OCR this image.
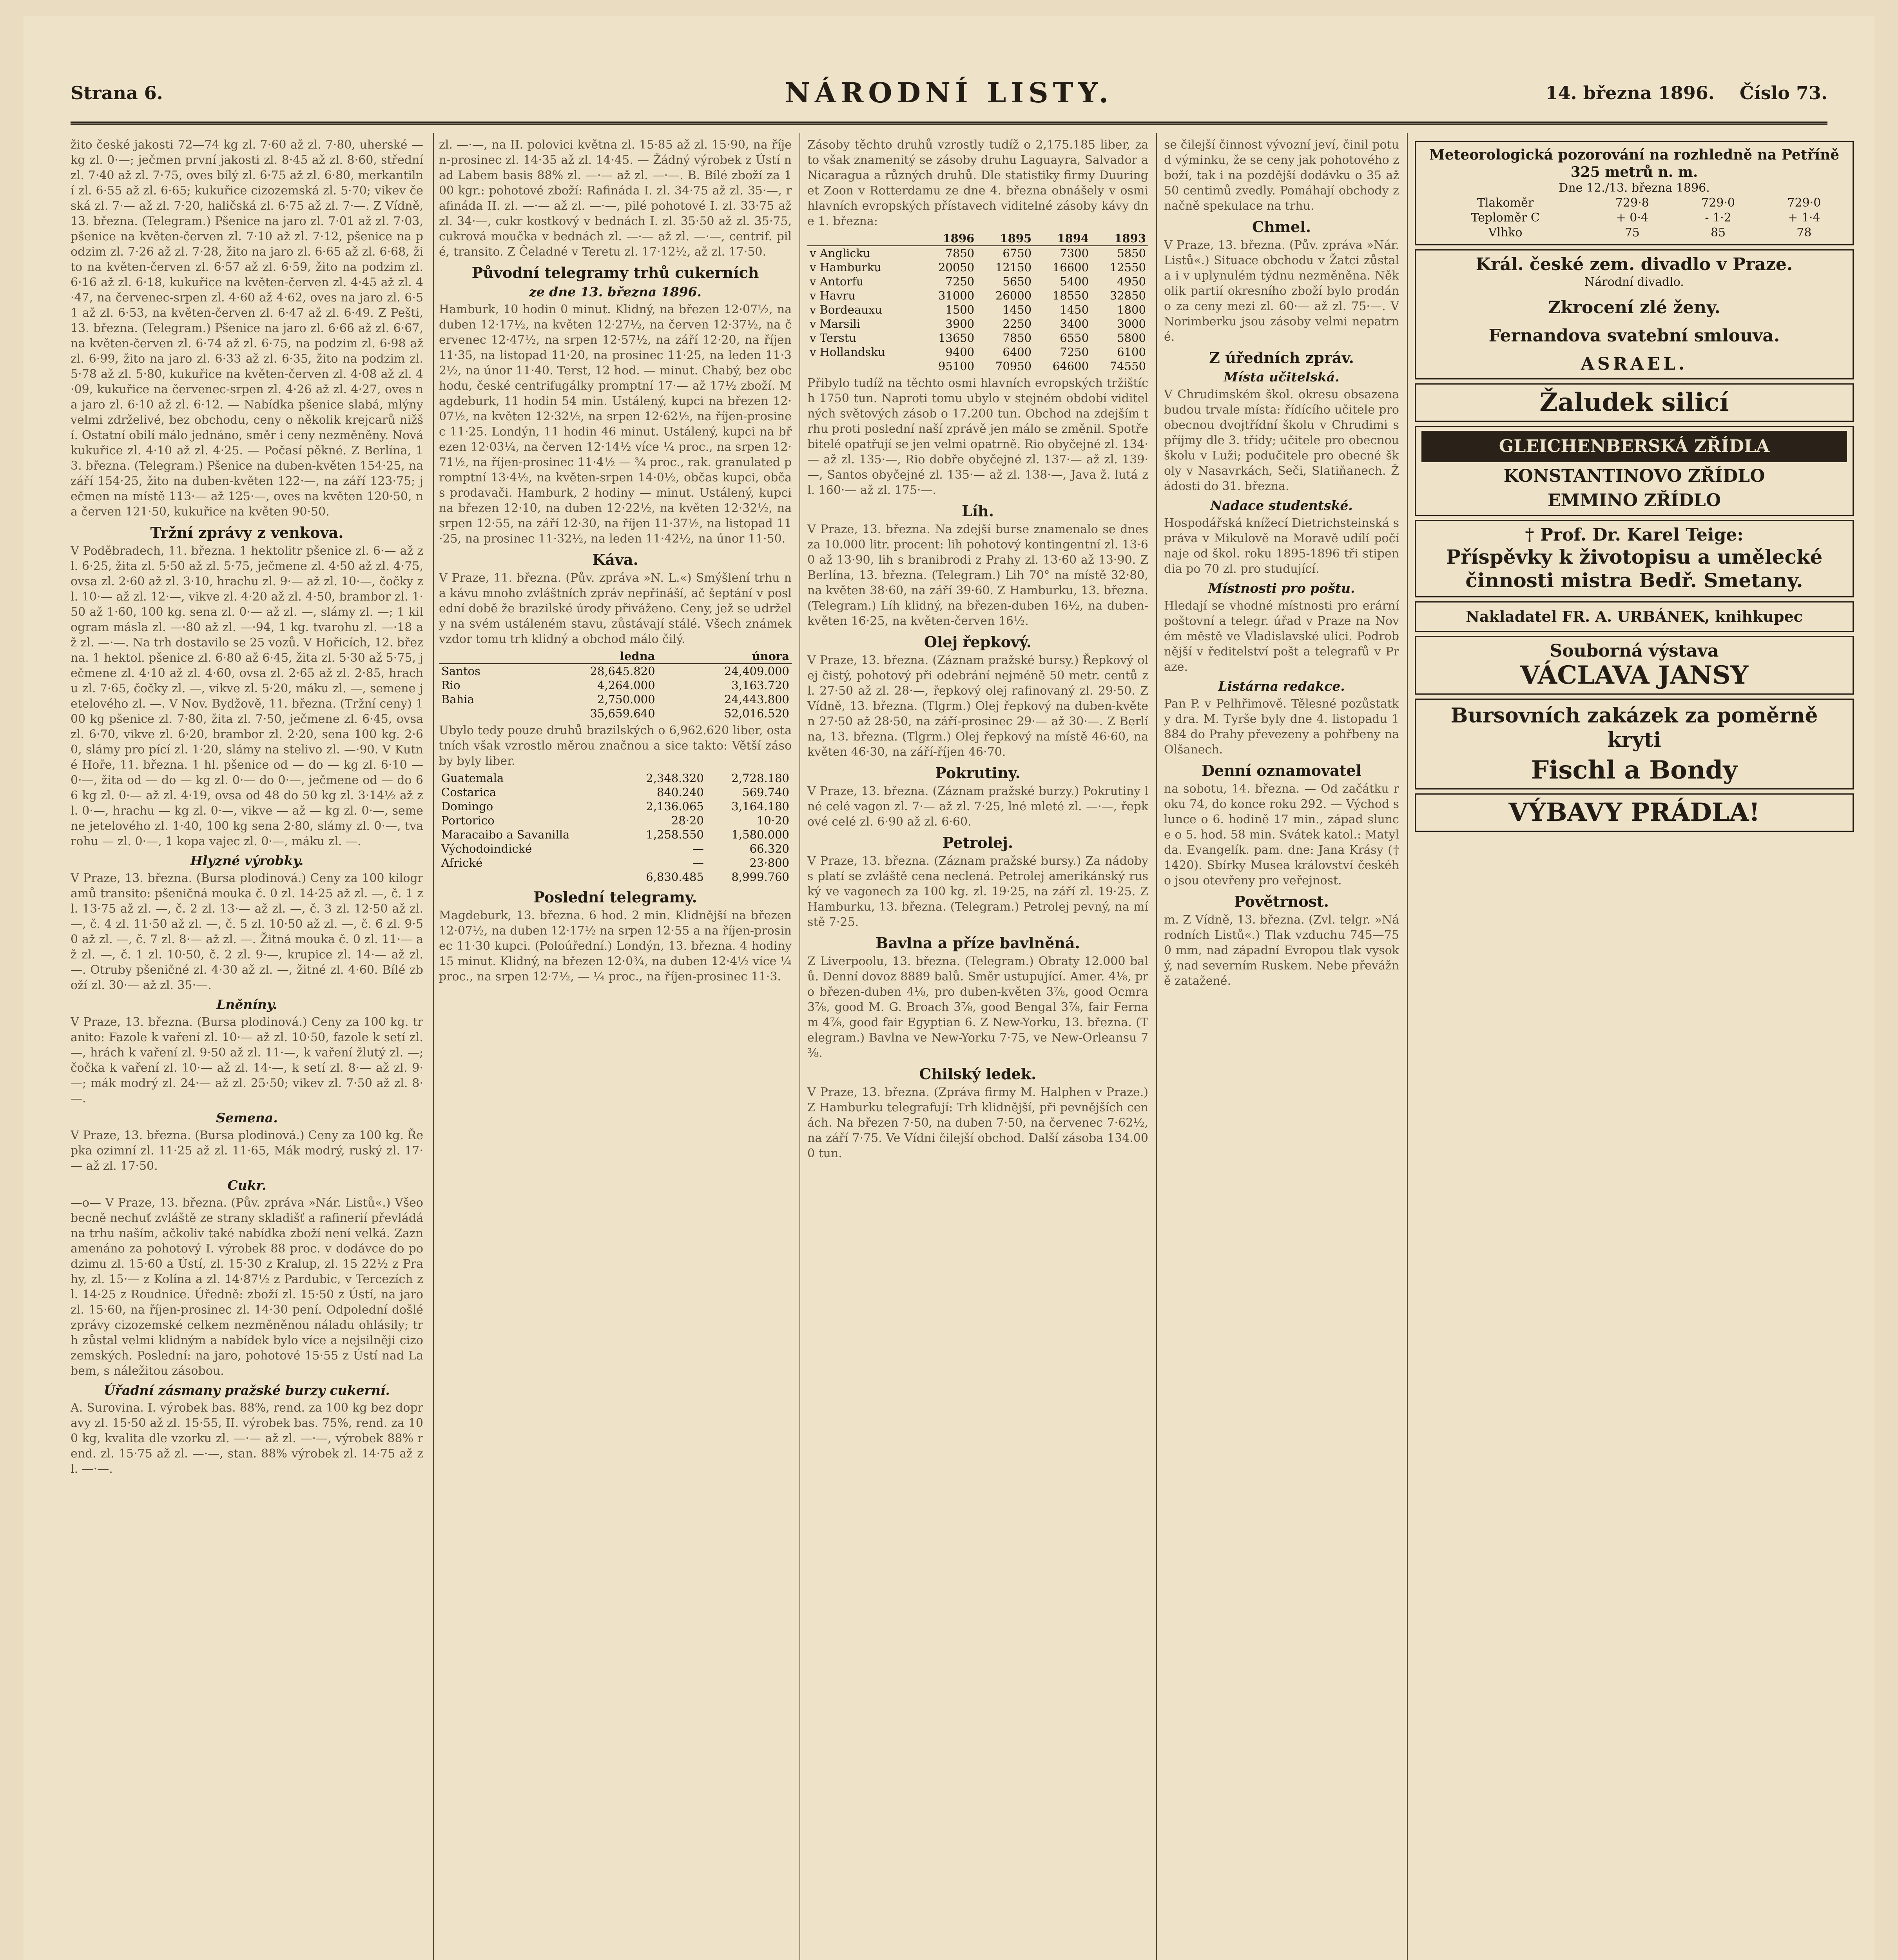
Strana 6.	NÁRODNÍ LISTY.	14. března 1896. Číslo 73.
žito české jakosti 72—74 kg zl. 7·60 až zl. 7·80, uherské — kg zl. 0·—; ječmen první jakosti zl. 8·45 až zl. 8·60, střední zl. 7·40 až zl. 7·75, oves bílý zl. 6·75 až zl. 6·80, merkantilní zl. 6·55 až zl. 6·65; kukuřice cizozemská zl. 5·70; vikev česká zl. 7·— až zl. 7·20, haličská zl. 6·75 až zl. 7·—. Z Vídně, 13. března. (Telegram.) Pšenice na jaro zl. 7·01 až zl. 7·03, pšenice na květen-červen zl. 7·10 až zl. 7·12, pšenice na podzim zl. 7·26 až zl. 7·28, žito na jaro zl. 6·65 až zl. 6·68, žito na květen-červen zl. 6·57 až zl. 6·59, žito na podzim zl. 6·16 až zl. 6·18, kukuřice na květen-červen zl. 4·45 až zl. 4·47, na červenec-srpen zl. 4·60 až 4·62, oves na jaro zl. 6·51 až zl. 6·53, na květen-červen zl. 6·47 až zl. 6·49. Z Pešti, 13. března. (Telegram.) Pšenice na jaro zl. 6·66 až zl. 6·67, na květen-červen zl. 6·74 až zl. 6·75, na podzim zl. 6·98 až zl. 6·99, žito na jaro zl. 6·33 až zl. 6·35, žito na podzim zl. 5·78 až zl. 5·80, kukuřice na květen-červen zl. 4·08 až zl. 4·09, kukuřice na červenec-srpen zl. 4·26 až zl. 4·27, oves na jaro zl. 6·10 až zl. 6·12. — Nabídka pšenice slabá, mlýny velmi zdrželivé, bez obchodu, ceny o několik krejcarů nižší. Ostatní obilí málo jednáno, směr i ceny nezměněny. Nová kukuřice zl. 4·10 až zl. 4·25. — Počasí pěkné. Z Berlína, 13. března. (Telegram.) Pšenice na duben-květen 154·25, na září 154·25, žito na duben-květen 122·—, na září 123·75; ječmen na místě 113·— až 125·—, oves na květen 120·50, na červen 121·50, kukuřice na květen 90·50.
Tržní zprávy z venkova.
V Poděbradech, 11. března. 1 hektolitr pšenice zl. 6·— až zl. 6·25, žita zl. 5·50 až zl. 5·75, ječmene zl. 4·50 až zl. 4·75, ovsa zl. 2·60 až zl. 3·10, hrachu zl. 9·— až zl. 10·—, čočky zl. 10·— až zl. 12·—, vikve zl. 4·20 až zl. 4·50, brambor zl. 1·50 až 1·60, 100 kg. sena zl. 0·— až zl. —, slámy zl. —; 1 kilogram másla zl. —·80 až zl. —·94, 1 kg. tvarohu zl. —·18 až zl. —·—. Na trh dostavilo se 25 vozů. V Hořicích, 12. března. 1 hektol. pšenice zl. 6·80 až 6·45, žita zl. 5·30 až 5·75, ječmene zl. 4·10 až zl. 4·60, ovsa zl. 2·65 až zl. 2·85, hrachu zl. 7·65, čočky zl. —, vikve zl. 5·20, máku zl. —, semene jetelového zl. —. V Nov. Bydžově, 11. března. (Tržní ceny) 100 kg pšenice zl. 7·80, žita zl. 7·50, ječmene zl. 6·45, ovsa zl. 6·70, vikve zl. 6·20, brambor zl. 2·20, sena 100 kg. 2·60, slámy pro pící zl. 1·20, slámy na stelivo zl. —·90. V Kutné Hoře, 11. března. 1 hl. pšenice od — do — kg zl. 6·10 — 0·—, žita od — do — kg zl. 0·— do 0·—, ječmene od — do 66 kg zl. 0·— až zl. 4·19, ovsa od 48 do 50 kg zl. 3·14½ až zl. 0·—, hrachu — kg zl. 0·—, vikve — až — kg zl. 0·—, semene jetelového zl. 1·40, 100 kg sena 2·80, slámy zl. 0·—, tvarohu — zl. 0·—, 1 kopa vajec zl. 0·—, máku zl. —.
Hlyzné výrobky.
V Praze, 13. března. (Bursa plodinová.) Ceny za 100 kilogramů transito: pšeničná mouka č. 0 zl. 14·25 až zl. —, č. 1 zl. 13·75 až zl. —, č. 2 zl. 13·— až zl. —, č. 3 zl. 12·50 až zl. —, č. 4 zl. 11·50 až zl. —, č. 5 zl. 10·50 až zl. —, č. 6 zl. 9·50 až zl. —, č. 7 zl. 8·— až zl. —. Žitná mouka č. 0 zl. 11·— až zl. —, č. 1 zl. 10·50, č. 2 zl. 9·—, krupice zl. 14·— až zl. —. Otruby pšeničné zl. 4·30 až zl. —, žitné zl. 4·60. Bílé zboží zl. 30·— až zl. 35·—.
Lněníny.
V Praze, 13. března. (Bursa plodinová.) Ceny za 100 kg. tranito: Fazole k vaření zl. 10·— až zl. 10·50, fazole k setí zl. —, hrách k vaření zl. 9·50 až zl. 11·—, k vaření žlutý zl. —; čočka k vaření zl. 10·— až zl. 14·—, k setí zl. 8·— až zl. 9·—; mák modrý zl. 24·— až zl. 25·50; vikev zl. 7·50 až zl. 8·—.
Semena.
V Praze, 13. března. (Bursa plodinová.) Ceny za 100 kg. Řepka ozimní zl. 11·25 až zl. 11·65, Mák modrý, ruský zl. 17·— až zl. 17·50.
Cukr.
—o— V Praze, 13. března. (Pův. zpráva »Nár. Listů«.) Všeobecně nechuť zvláště ze strany skladišť a rafinerií převládá na trhu naším, ačkoliv také nabídka zboží není velká. Zaznamenáno za pohotový I. výrobek 88 proc. v dodávce do podzimu zl. 15·60 a Ústí, zl. 15·30 z Kralup, zl. 15 22½ z Prahy, zl. 15·— z Kolína a zl. 14·87½ z Pardubic, v Tercezích zl. 14·25 z Roudnice. Úředně: zboží zl. 15·50 z Ústí, na jaro zl. 15·60, na říjen-prosinec zl. 14·30 pení. Odpolední došlé zprávy cizozemské celkem nezměněnou náladu ohlásily; trh zůstal velmi klidným a nabídek bylo více a nejsilněji cizozemských. Poslední: na jaro, pohotové 15·55 z Ústí nad Labem, s náležitou zásobou.
Úřadní zásmany pražské burzy cukerní.
A. Surovina. I. výrobek bas. 88%, rend. za 100 kg bez dopravy zl. 15·50 až zl. 15·55, II. výrobek bas. 75%, rend. za 100 kg, kvalita dle vzorku zl. —·— až zl. —·—, výrobek 88% rend. zl. 15·75 až zl. —·—, stan. 88% výrobek zl. 14·75 až zl. —·—.
zl. —·—, na II. polovici května zl. 15·85 až zl. 15·90, na říjen-prosinec zl. 14·35 až zl. 14·45. — Žádný výrobek z Ústí nad Labem basis 88% zl. —·— až zl. —·—. B. Bílé zboží za 100 kgr.: pohotové zboží: Rafináda I. zl. 34·75 až zl. 35·—, rafináda II. zl. —·— až zl. —·—, pilé pohotové I. zl. 33·75 až zl. 34·—, cukr kostkový v bednách I. zl. 35·50 až zl. 35·75, cukrová moučka v bednách zl. —·— až zl. —·—, centrif. pilé, transito. Z Čeladné v Teretu zl. 17·12½, až zl. 17·50.
Původní telegramy trhů cukerních
ze dne 13. března 1896.
Hamburk, 10 hodin 0 minut. Klidný, na březen 12·07½, na duben 12·17½, na květen 12·27½, na červen 12·37½, na červenec 12·47½, na srpen 12·57½, na září 12·20, na říjen 11·35, na listopad 11·20, na prosinec 11·25, na leden 11·32½, na únor 11·40. Terst, 12 hod. — minut. Chabý, bez obchodu, české centrifugálky promptní 17·— až 17½ zboží. Magdeburk, 11 hodin 54 min. Ustálený, kupci na březen 12·07½, na květen 12·32½, na srpen 12·62½, na říjen-prosinec 11·25. Londýn, 11 hodin 46 minut. Ustálený, kupci na březen 12·03¼, na červen 12·14½ více ¼ proc., na srpen 12·71½, na říjen-prosinec 11·4½ — ¾ proc., rak. granulated promptní 13·4½, na květen-srpen 14·0½, občas kupci, občas prodavači. Hamburk, 2 hodiny — minut. Ustálený, kupci na březen 12·10, na duben 12·22½, na květen 12·32½, na srpen 12·55, na září 12·30, na říjen 11·37½, na listopad 11·25, na prosinec 11·32½, na leden 11·42½, na únor 11·50.
Káva.
V Praze, 11. března. (Pův. zpráva »N. L.«) Smýšlení trhu na kávu mnoho zvláštních zpráv nepřináší, ač šeptání v poslední době že brazilské úrody přiváženo. Ceny, jež se udržely na svém ustáleném stavu, zůstávají stálé. Všech známek vzdor tomu trh klidný a obchod málo čilý.
	ledna	února
Santos	28,645.820	24,409.000
Rio	4,264.000	3,163.720
Bahia	2,750.000	24,443.800
	35,659.640	52,016.520
Ubylo tedy pouze druhů brazilských o 6,962.620 liber, ostatních však vzrostlo měrou značnou a sice takto: Větší zásoby byly liber.
Guatemala	2,348.320	2,728.180
Costarica	840.240	569.740
Domingo	2,136.065	3,164.180
Portorico	28·20	10·20
Maracaibo a Savanilla	1,258.550	1,580.000
Východoindické	—	66.320
Africké	—	23·800
	6,830.485	8,999.760
Poslední telegramy.
Magdeburk, 13. března. 6 hod. 2 min. Klidnější na březen 12·07½, na duben 12·17½ na srpen 12·55 a na říjen-prosinec 11·30 kupci. (Poloúřední.) Londýn, 13. března. 4 hodiny 15 minut. Klidný, na březen 12·0¾, na duben 12·4½ více ¼ proc., na srpen 12·7½, — ¼ proc., na říjen-prosinec 11·3.
Zásoby těchto druhů vzrostly tudíž o 2,175.185 liber, za to však znamenitý se zásoby druhu Laguayra, Salvador a Nicaragua a různých druhů. Dle statistiky firmy Duuring et Zoon v Rotterdamu ze dne 4. března obnášely v osmi hlavních evropských přístavech viditelné zásoby kávy dne 1. března:
	1896	1895	1894	1893
v Anglicku	7850	6750	7300	5850
v Hamburku	20050	12150	16600	12550
v Antorfu	7250	5650	5400	4950
v Havru	31000	26000	18550	32850
v Bordeauxu	1500	1450	1450	1800
v Marsili	3900	2250	3400	3000
v Terstu	13650	7850	6550	5800
v Hollandsku	9400	6400	7250	6100
	95100	70950	64600	74550
Přibylo tudíž na těchto osmi hlavních evropských tržištích 1750 tun. Naproti tomu ubylo v stejném období viditelných světových zásob o 17.200 tun. Obchod na zdejším trhu proti poslední naší zprávě jen málo se změnil. Spotřebitelé opatřují se jen velmi opatrně. Rio obyčejné zl. 134·— až zl. 135·—, Rio dobře obyčejné zl. 137·— až zl. 139·—, Santos obyčejné zl. 135·— až zl. 138·—, Java ž. lutá zl. 160·— až zl. 175·—.
Líh.
V Praze, 13. března. Na zdejší burse znamenalo se dnes za 10.000 litr. procent: lih pohotový kontingentní zl. 13·60 až 13·90, lih s branibrodi z Prahy zl. 13·60 až 13·90. Z Berlína, 13. března. (Telegram.) Lih 70° na místě 32·80, na květen 38·60, na září 39·60. Z Hamburku, 13. března. (Telegram.) Líh klidný, na březen-duben 16½, na duben-květen 16·25, na květen-červen 16½.
Olej řepkový.
V Praze, 13. března. (Záznam pražské bursy.) Řepkový olej čistý, pohotový při odebrání nejméně 50 metr. centů zl. 27·50 až zl. 28·—, řepkový olej rafinovaný zl. 29·50. Z Vídně, 13. března. (Tlgrm.) Olej řepkový na duben-květen 27·50 až 28·50, na září-prosinec 29·— až 30·—. Z Berlína, 13. března. (Tlgrm.) Olej řepkový na místě 46·60, na květen 46·30, na září-říjen 46·70.
Pokrutiny.
V Praze, 13. března. (Záznam pražské burzy.) Pokrutiny lné celé vagon zl. 7·— až zl. 7·25, lné mleté zl. —·—, řepkové celé zl. 6·90 až zl. 6·60.
Petrolej.
V Praze, 13. března. (Záznam pražské bursy.) Za nádoby s platí se zvláště cena neclená. Petrolej amerikánský ruský ve vagonech za 100 kg. zl. 19·25, na září zl. 19·25. Z Hamburku, 13. března. (Telegram.) Petrolej pevný, na místě 7·25.
Bavlna a příze bavlněná.
Z Liverpoolu, 13. března. (Telegram.) Obraty 12.000 balů. Denní dovoz 8889 balů. Směr ustupující. Amer. 4⅛, pro březen-duben 4⅛, pro duben-květen 3⅞, good Ocmra 3⅞, good M. G. Broach 3⅞, good Bengal 3⅞, fair Fernam 4⅞, good fair Egyptian 6. Z New-Yorku, 13. března. (Telegram.) Bavlna ve New-Yorku 7·75, ve New-Orleansu 7⅜.
Chilský ledek.
V Praze, 13. března. (Zpráva firmy M. Halphen v Praze.) Z Hamburku telegrafují: Trh klidnější, při pevnějších cenách. Na březen 7·50, na duben 7·50, na červenec 7·62½, na září 7·75. Ve Vídni čilejší obchod. Další zásoba 134.000 tun.
se čilejší činnost vývozní jeví, činil potud výminku, že se ceny jak pohotového zboží, tak i na pozdější dodávku o 35 až 50 centimů zvedly. Pomáhají obchody značně spekulace na trhu.
Chmel.
V Praze, 13. března. (Pův. zpráva »Nár. Listů«.) Situace obchodu v Žatci zůstala i v uplynulém týdnu nezměněna. Několik partií okresního zboží bylo prodáno za ceny mezi zl. 60·— až zl. 75·—. V Norimberku jsou zásoby velmi nepatrné.
Z úředních zpráv.
Místa učitelská.
V Chrudimském škol. okresu obsazena budou trvale místa: řídícího učitele pro obecnou dvojtřídní školu v Chrudimi s příjmy dle 3. třídy; učitele pro obecnou školu v Luži; podučitele pro obecné školy v Nasavrkách, Seči, Slatiňanech. Žádosti do 31. března.
Nadace studentské.
Hospodářská knížecí Dietrichsteinská správa v Mikulově na Moravě udílí počínaje od škol. roku 1895-1896 tři stipendia po 70 zl. pro studující.
Místnosti pro poštu.
Hledají se vhodné místnosti pro erární poštovní a telegr. úřad v Praze na Novém městě ve Vladislavské ulici. Podrobnější v ředitelství pošt a telegrafů v Praze.
Listárna redakce.
Pan P. v Pelhřimově. Tělesné pozůstatky dra. M. Tyrše byly dne 4. listopadu 1884 do Prahy převezeny a pohřbeny na Olšanech.
Denní oznamovatel
na sobotu, 14. března. — Od začátku roku 74, do konce roku 292. — Východ slunce o 6. hodině 17 min., západ slunce o 5. hod. 58 min. Svátek katol.: Matylda. Evangelík. pam. dne: Jana Krásy († 1420). Sbírky Musea království českého jsou otevřeny pro veřejnost.
Povětrnost.
m. Z Vídně, 13. března. (Zvl. telgr. »Národních Listů«.) Tlak vzduchu 745—750 mm, nad západní Evropou tlak vysoký, nad severním Ruskem. Nebe převážně zatažené.
Meteorologická pozorování na rozhledně na Petříně 325 metrů n. m.
Dne 12./13. března 1896.
Tlakoměr	729·8	729·0	729·0
Teploměr C	+ 0·4	- 1·2	+ 1·4
Vlhko	75	85	78
Král. české zem. divadlo v Praze.
Národní divadlo.
Zkrocení zlé ženy.
Fernandova svatební smlouva.
ASRAEL.
Žaludek silicí
GLEICHENBERSKÁ ZŘÍDLA
KONSTANTINOVO ZŘÍDLO
EMMINO ZŘÍDLO
† Prof. Dr. Karel Teige:
Příspěvky k životopisu a umělecké činnosti mistra Bedř. Smetany.
Nakladatel FR. A. URBÁNEK, knihkupec
Souborná výstava
VÁCLAVA JANSY
Bursovních zakázek za poměrně kryti
Fischl a Bondy
VÝBAVY PRÁDLA!
